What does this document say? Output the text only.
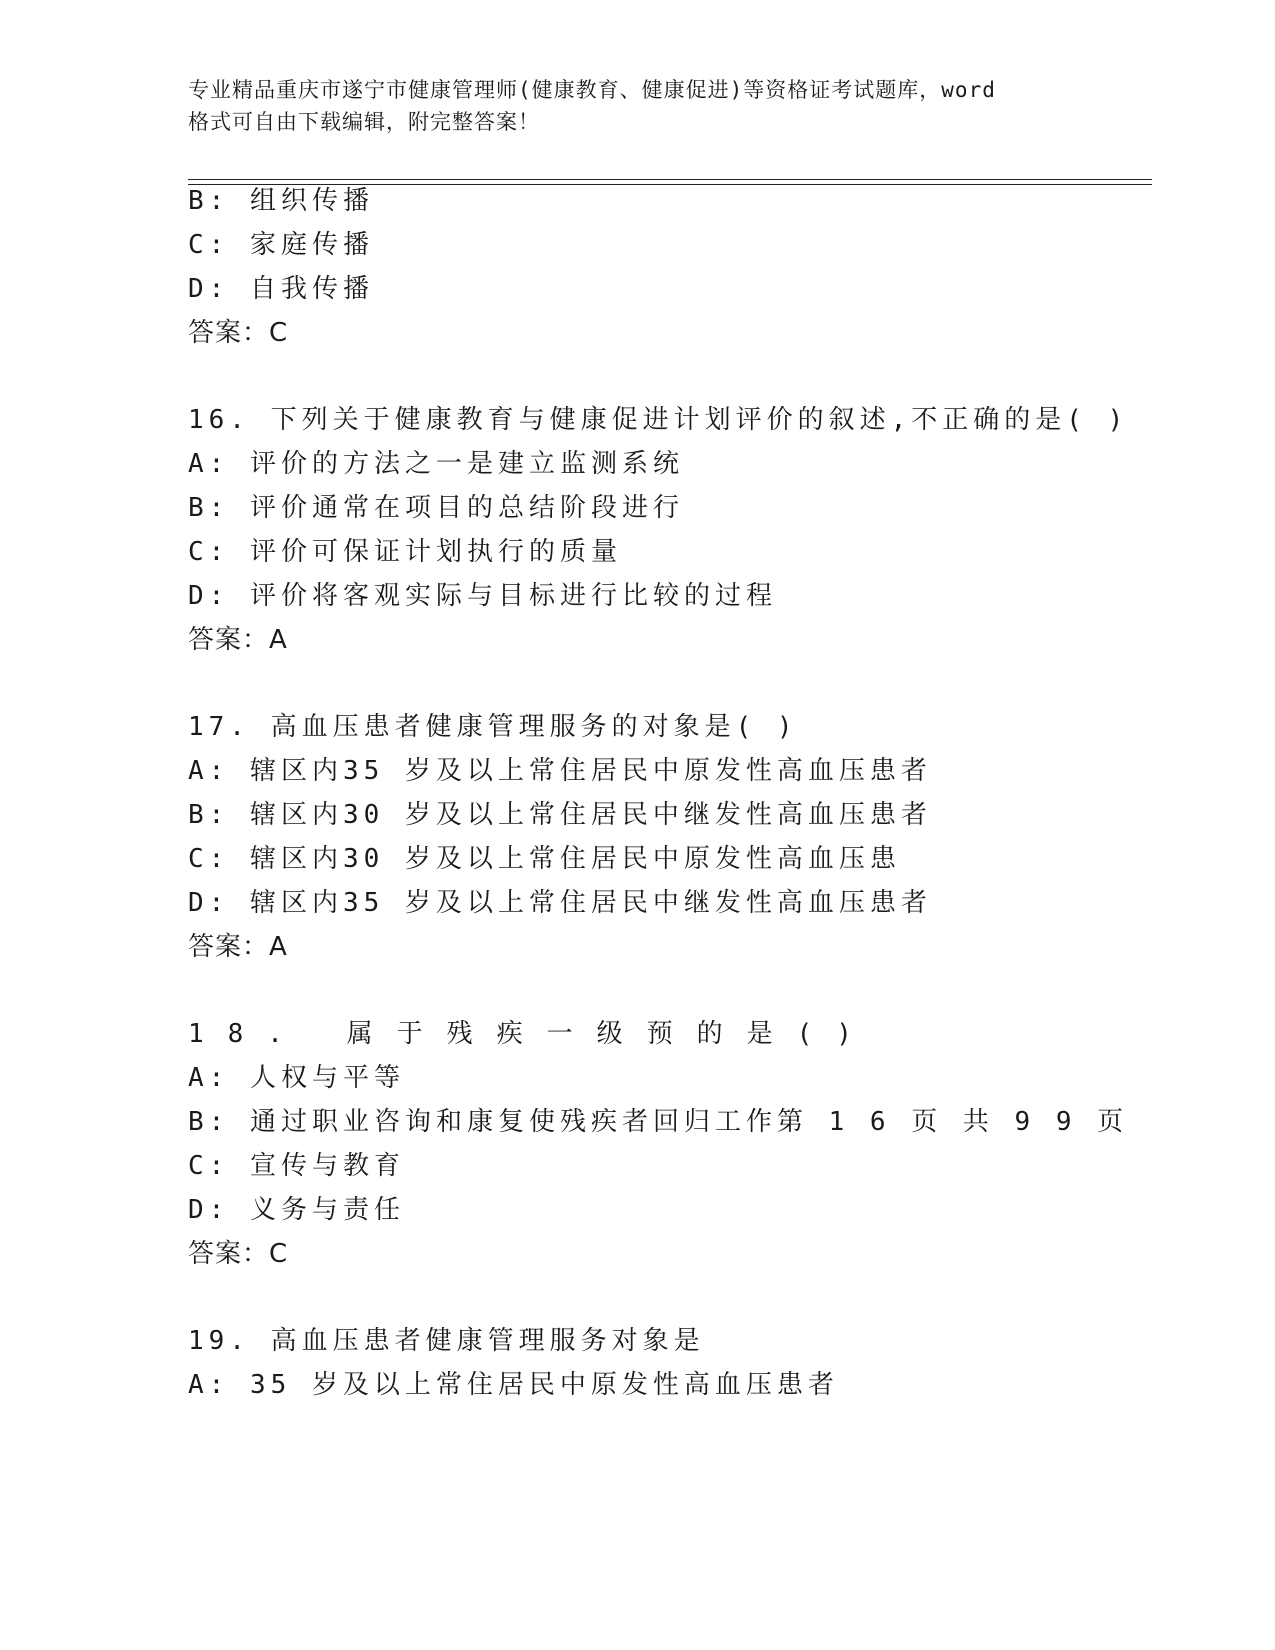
专业精品重庆市遂宁市健康管理师(健康教育、健康促进)等资格证考试题库，word
格式可自由下载编辑，附完整答案！
B: 组织传播
C: 家庭传播
D: 自我传播
答案：C
16. 下列关于健康教育与健康促进计划评价的叙述,不正确的是( )
A: 评价的方法之一是建立监测系统
B: 评价通常在项目的总结阶段进行
C: 评价可保证计划执行的质量
D: 评价将客观实际与目标进行比较的过程
答案：A
17. 高血压患者健康管理服务的对象是( )
A: 辖区内35 岁及以上常住居民中原发性高血压患者
B: 辖区内30 岁及以上常住居民中继发性高血压患者
C: 辖区内30 岁及以上常住居民中原发性高血压患
D: 辖区内35 岁及以上常住居民中继发性高血压患者
答案：A
18. 属于残疾一级预的是()
A: 人权与平等
B: 通过职业咨询和康复使残疾者回归工作第 1 6 页 共 9 9 页
C: 宣传与教育
D: 义务与责任
答案：C
19. 高血压患者健康管理服务对象是
A: 35 岁及以上常住居民中原发性高血压患者
